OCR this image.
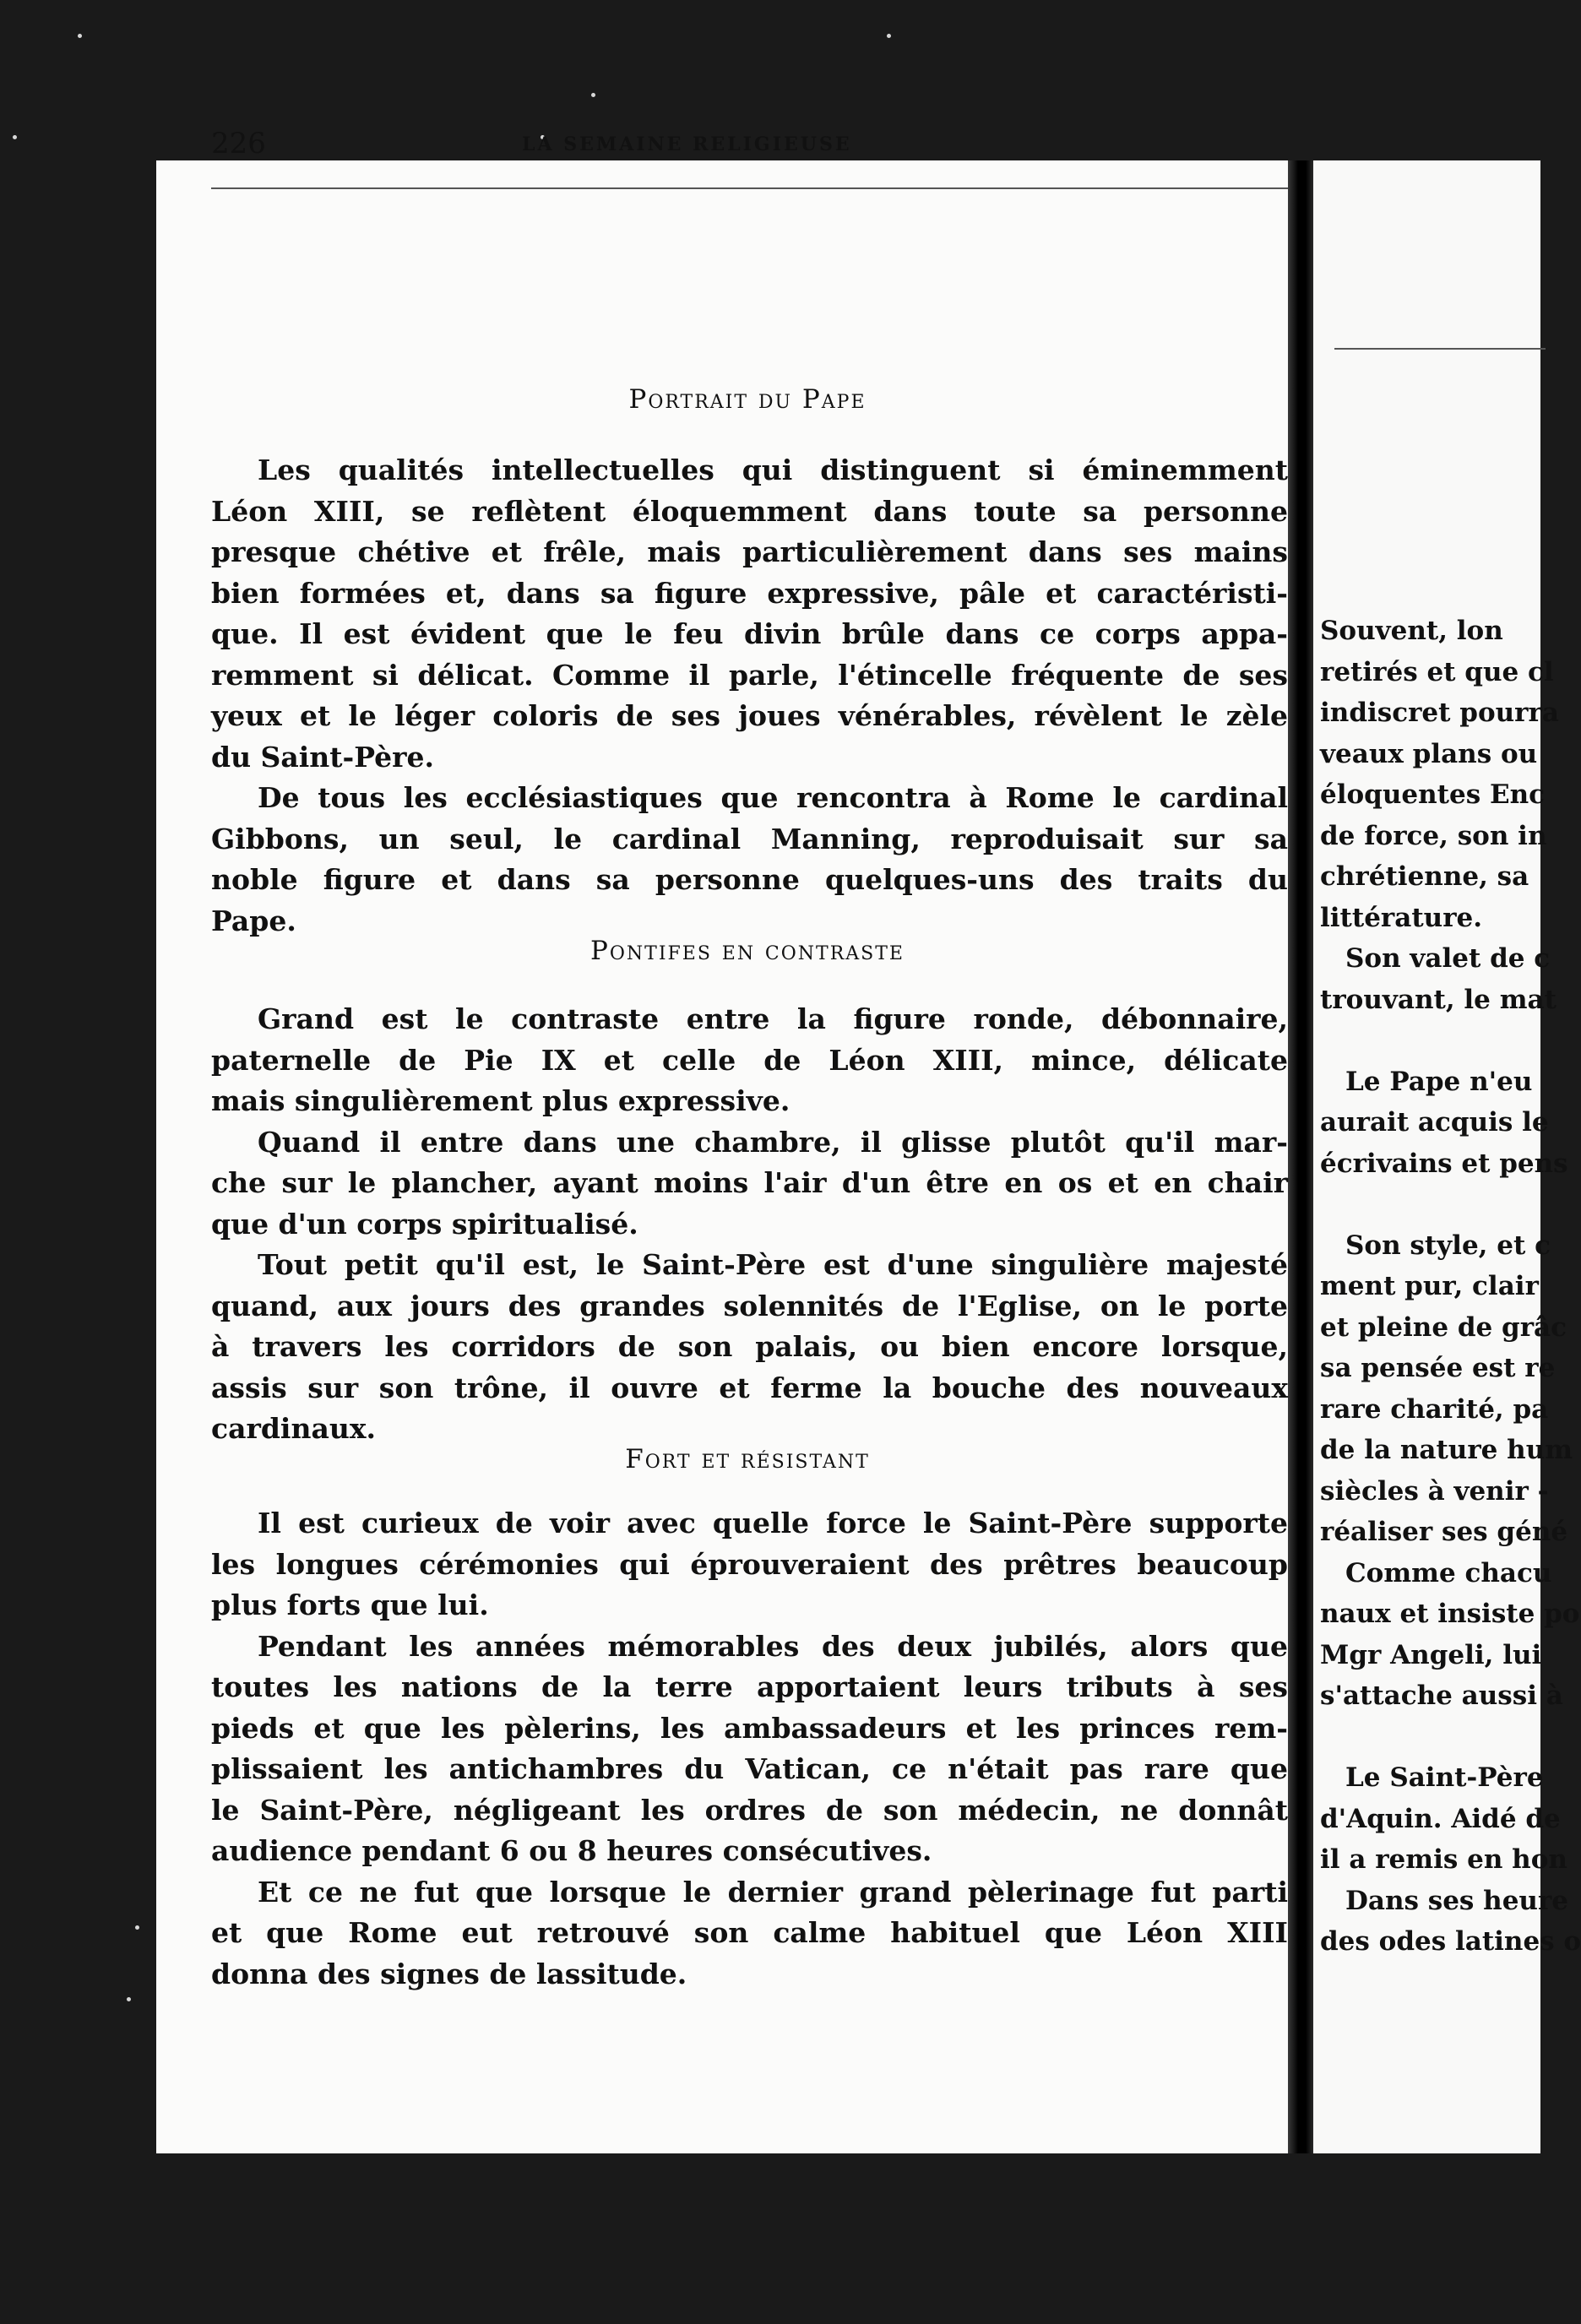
Souvent, lon
retirés et que cl
indiscret pourra
veaux plans ou
éloquentes Enc
de force, son in
chrétienne, sa
littérature.
Son valet de c
trouvant, le mat
Le Pape n'eu
aurait acquis le
écrivains et pens
Son style, et c
ment pur, clair
et pleine de grâc
sa pensée est re
rare charité, pa
de la nature hum
siècles à venir -
réaliser ses géné
Comme chacu
naux et insiste po
Mgr Angeli, lui
s'attache aussi à
Le Saint-Père
d'Aquin. Aidé de
il a remis en hon
Dans ses heure
des odes latines o
226	LA SEMAINE RELIGIEUSE
Portrait du Pape
Les qualités intellectuelles qui distinguent si éminemment
Léon XIII, se reflètent éloquemment dans toute sa personne
presque chétive et frêle, mais particulièrement dans ses mains
bien formées et, dans sa figure expressive, pâle et caractéristi-
que. Il est évident que le feu divin brûle dans ce corps appa-
remment si délicat. Comme il parle, l'étincelle fréquente de ses
yeux et le léger coloris de ses joues vénérables, révèlent le zèle
du Saint-Père.
De tous les ecclésiastiques que rencontra à Rome le cardinal
Gibbons, un seul, le cardinal Manning, reproduisait sur sa
noble figure et dans sa personne quelques-uns des traits du
Pape.
Pontifes en contraste
Grand est le contraste entre la figure ronde, débonnaire,
paternelle de Pie IX et celle de Léon XIII, mince, délicate
mais singulièrement plus expressive.
Quand il entre dans une chambre, il glisse plutôt qu'il mar-
che sur le plancher, ayant moins l'air d'un être en os et en chair
que d'un corps spiritualisé.
Tout petit qu'il est, le Saint-Père est d'une singulière majesté
quand, aux jours des grandes solennités de l'Eglise, on le porte
à travers les corridors de son palais, ou bien encore lorsque,
assis sur son trône, il ouvre et ferme la bouche des nouveaux
cardinaux.
Fort et résistant
Il est curieux de voir avec quelle force le Saint-Père supporte
les longues cérémonies qui éprouveraient des prêtres beaucoup
plus forts que lui.
Pendant les années mémorables des deux jubilés, alors que
toutes les nations de la terre apportaient leurs tributs à ses
pieds et que les pèlerins, les ambassadeurs et les princes rem-
plissaient les antichambres du Vatican, ce n'était pas rare que
le Saint-Père, négligeant les ordres de son médecin, ne donnât
audience pendant 6 ou 8 heures consécutives.
Et ce ne fut que lorsque le dernier grand pèlerinage fut parti
et que Rome eut retrouvé son calme habituel que Léon XIII
donna des signes de lassitude.
